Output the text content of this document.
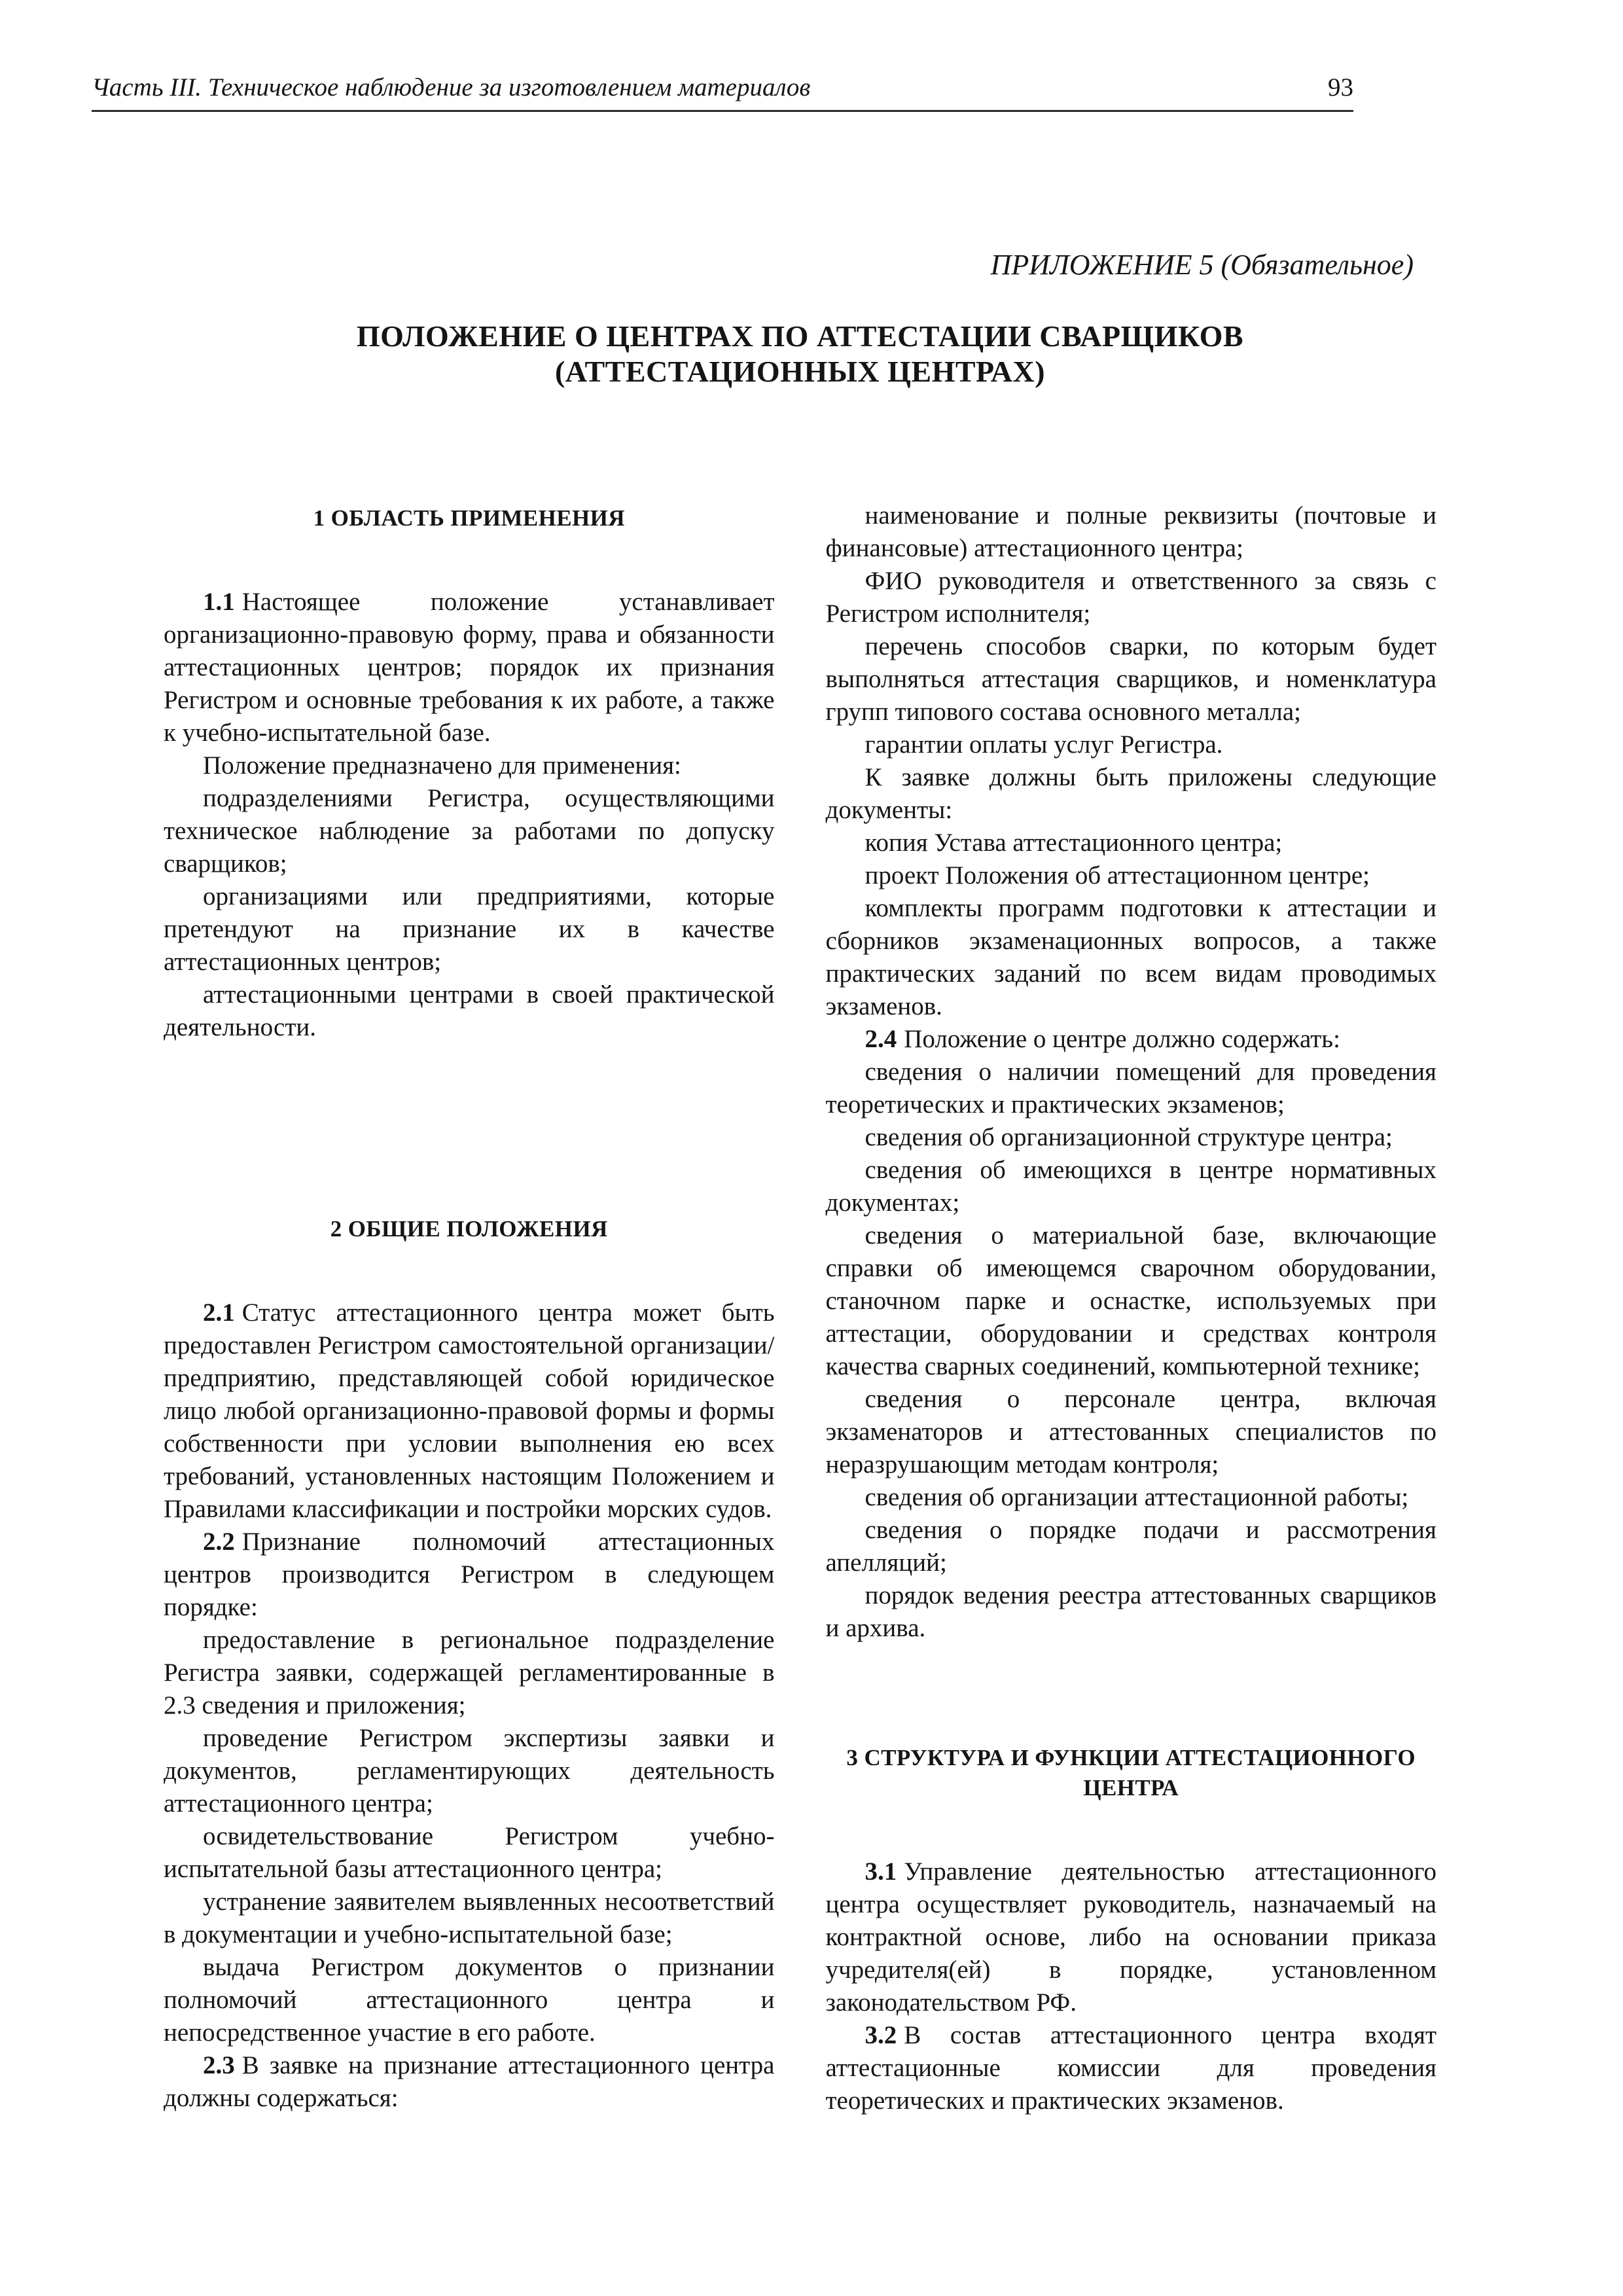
Часть III. Техническое наблюдение за изготовлением материалов	93
ПРИЛОЖЕНИЕ 5 (Обязательное)
ПОЛОЖЕНИЕ О ЦЕНТРАХ ПО АТТЕСТАЦИИ СВАРЩИКОВ
(АТТЕСТАЦИОННЫХ ЦЕНТРАХ)
1 ОБЛАСТЬ ПРИМЕНЕНИЯ

1.1 Настоящее положение устанавливает организационно-правовую форму, права и обязанности аттестационных центров; порядок их признания Регистром и основные требования к их работе, а также к учебно-испытательной базе.

Положение предназначено для применения:

подразделениями Регистра, осуществляющими техническое наблюдение за работами по допуску сварщиков;

организациями или предприятиями, которые претендуют на признание их в качестве аттестационных центров;

аттестационными центрами в своей практической деятельности.

2 ОБЩИЕ ПОЛОЖЕНИЯ

2.1 Статус аттестационного центра может быть предоставлен Регистром самостоятельной организации/предприятию, представляющей собой юридическое лицо любой организационно-правовой формы и формы собственности при условии выполнения ею всех требований, установленных настоящим Положением и Правилами классификации и постройки морских судов.

2.2 Признание полномочий аттестационных центров производится Регистром в следующем порядке:

предоставление в региональное подразделение Регистра заявки, содержащей регламентированные в 2.3 сведения и приложения;

проведение Регистром экспертизы заявки и документов, регламентирующих деятельность аттестационного центра;

освидетельствование Регистром учебно-испытательной базы аттестационного центра;

устранение заявителем выявленных несоответствий в документации и учебно-испытательной базе;

выдача Регистром документов о признании полномочий аттестационного центра и непосредственное участие в его работе.

2.3 В заявке на признание аттестационного центра должны содержаться:

наименование и полные реквизиты (почтовые и финансовые) аттестационного центра;

ФИО руководителя и ответственного за связь с Регистром исполнителя;

перечень способов сварки, по которым будет выполняться аттестация сварщиков, и номенклатура групп типового состава основного металла;

гарантии оплаты услуг Регистра.

К заявке должны быть приложены следующие документы:

копия Устава аттестационного центра;

проект Положения об аттестационном центре;

комплекты программ подготовки к аттестации и сборников экзаменационных вопросов, а также практических заданий по всем видам проводимых экзаменов.

2.4 Положение о центре должно содержать:

сведения о наличии помещений для проведения теоретических и практических экзаменов;

сведения об организационной структуре центра;

сведения об имеющихся в центре нормативных документах;

сведения о материальной базе, включающие справки об имеющемся сварочном оборудовании, станочном парке и оснастке, используемых при аттестации, оборудовании и средствах контроля качества сварных соединений, компьютерной технике;

сведения о персонале центра, включая экзаменаторов и аттестованных специалистов по неразрушающим методам контроля;

сведения об организации аттестационной работы;

сведения о порядке подачи и рассмотрения апелляций;

порядок ведения реестра аттестованных сварщиков и архива.

3 СТРУКТУРА И ФУНКЦИИ АТТЕСТАЦИОННОГО ЦЕНТРА

3.1 Управление деятельностью аттестационного центра осуществляет руководитель, назначаемый на контрактной основе, либо на основании приказа учредителя(ей) в порядке, установленном законодательством РФ.

3.2 В состав аттестационного центра входят аттестационные комиссии для проведения теоретических и практических экзаменов.
